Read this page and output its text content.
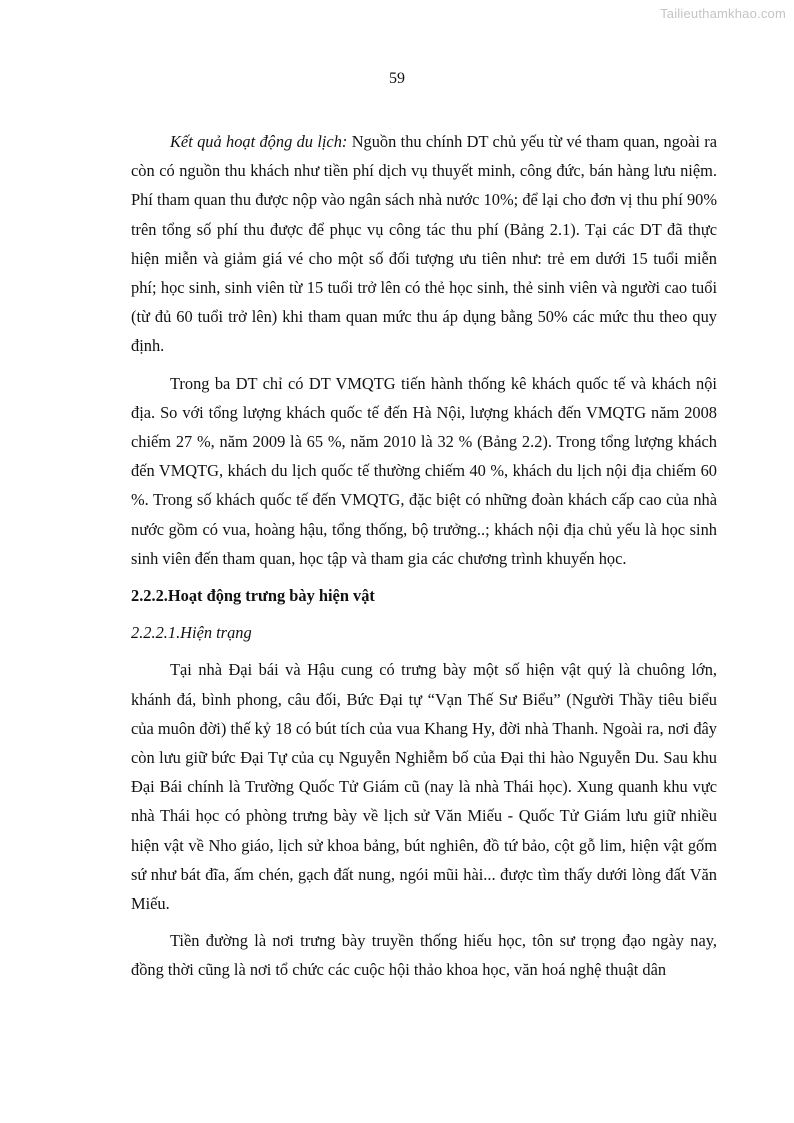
Tailieuthamkhao.com
59

Kết quả hoạt động du lịch: Nguồn thu chính DT chủ yếu từ vé tham quan, ngoài ra còn có nguồn thu khách như tiền phí dịch vụ thuyết minh, công đức, bán hàng lưu niệm. Phí tham quan thu được nộp vào ngân sách nhà nước 10%; để lại cho đơn vị thu phí 90% trên tổng số phí thu được để phục vụ công tác thu phí (Bảng 2.1). Tại các DT đã thực hiện miễn và giảm giá vé cho một số đối tượng ưu tiên như: trẻ em dưới 15 tuổi miễn phí; học sinh, sinh viên từ 15 tuổi trở lên có thẻ học sinh, thẻ sinh viên và người cao tuổi (từ đủ 60 tuổi trở lên) khi tham quan mức thu áp dụng bằng 50% các mức thu theo quy định.

Trong ba DT chỉ có DT VMQTG tiến hành thống kê khách quốc tế và khách nội địa. So với tổng lượng khách quốc tế đến Hà Nội, lượng khách đến VMQTG năm 2008 chiếm 27 %, năm 2009 là 65 %, năm 2010 là 32 % (Bảng 2.2). Trong tổng lượng khách đến VMQTG, khách du lịch quốc tế thường chiếm 40 %, khách du lịch nội địa chiếm 60 %. Trong số khách quốc tế đến VMQTG, đặc biệt có những đoàn khách cấp cao của nhà nước gồm có vua, hoàng hậu, tổng thống, bộ trưởng..; khách nội địa chủ yếu là học sinh sinh viên đến tham quan, học tập và tham gia các chương trình khuyến học.

2.2.2.Hoạt động trưng bày hiện vật

2.2.2.1.Hiện trạng

Tại nhà Đại bái và Hậu cung có trưng bày một số hiện vật quý là chuông lớn, khánh đá, bình phong, câu đối, Bức Đại tự “Vạn Thế Sư Biểu” (Người Thầy tiêu biểu của muôn đời) thế kỷ 18 có bút tích của vua Khang Hy, đời nhà Thanh. Ngoài ra, nơi đây còn lưu giữ bức Đại Tự của cụ Nguyễn Nghiễm bố của Đại thi hào Nguyễn Du. Sau khu Đại Bái chính là Trường Quốc Tử Giám cũ (nay là nhà Thái học). Xung quanh khu vực nhà Thái học có phòng trưng bày về lịch sử Văn Miếu - Quốc Tử Giám lưu giữ nhiều hiện vật về Nho giáo, lịch sử khoa bảng, bút nghiên, đồ tứ bảo, cột gỗ lim, hiện vật gốm sứ như bát đĩa, ấm chén, gạch đất nung, ngói mũi hài... được tìm thấy dưới lòng đất Văn Miếu.

Tiền đường là nơi trưng bày truyền thống hiếu học, tôn sư trọng đạo ngày nay, đồng thời cũng là nơi tổ chức các cuộc hội thảo khoa học, văn hoá nghệ thuật dân
